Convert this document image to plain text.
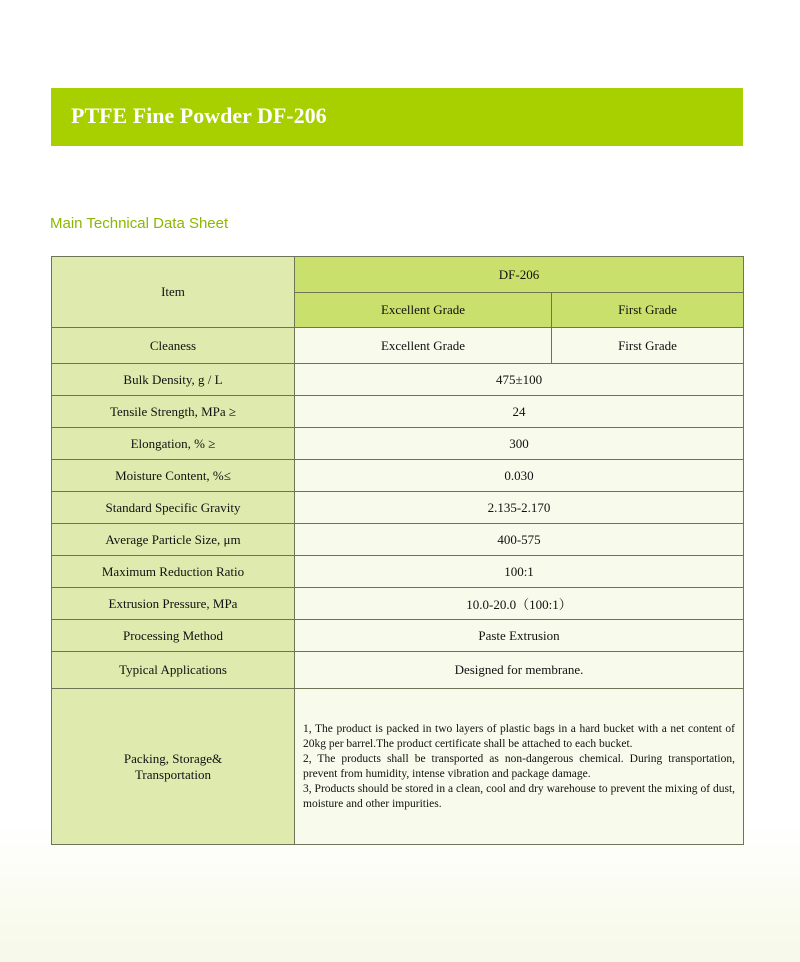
PTFE Fine Powder DF-206
Main Technical Data Sheet
Item	DF-206	
	Excellent Grade	First Grade
Cleaness	Excellent Grade	First Grade
Bulk Density, g / L	475±100	
Tensile Strength, MPa ≥	24	
Elongation, % ≥	300	
Moisture Content, %≤	0.030	
Standard Specific Gravity	2.135-2.170	
Average Particle Size, μm	400-575	
Maximum Reduction Ratio	100:1	
Extrusion Pressure, MPa	10.0-20.0（100:1）	
Processing Method	Paste Extrusion	
Typical Applications	Designed for membrane.	

Packing, Storage&
Transportation	1, The product is packed in two layers of plastic bags in a hard bucket with a net content of 20kg per barrel.The product certificate shall be attached to each bucket.
2, The products shall be transported as non-dangerous chemical. During transportation, prevent from humidity, intense vibration and package damage.
3, Products should be stored in a clean, cool and dry warehouse to prevent the mixing of dust, moisture and other impurities.	
